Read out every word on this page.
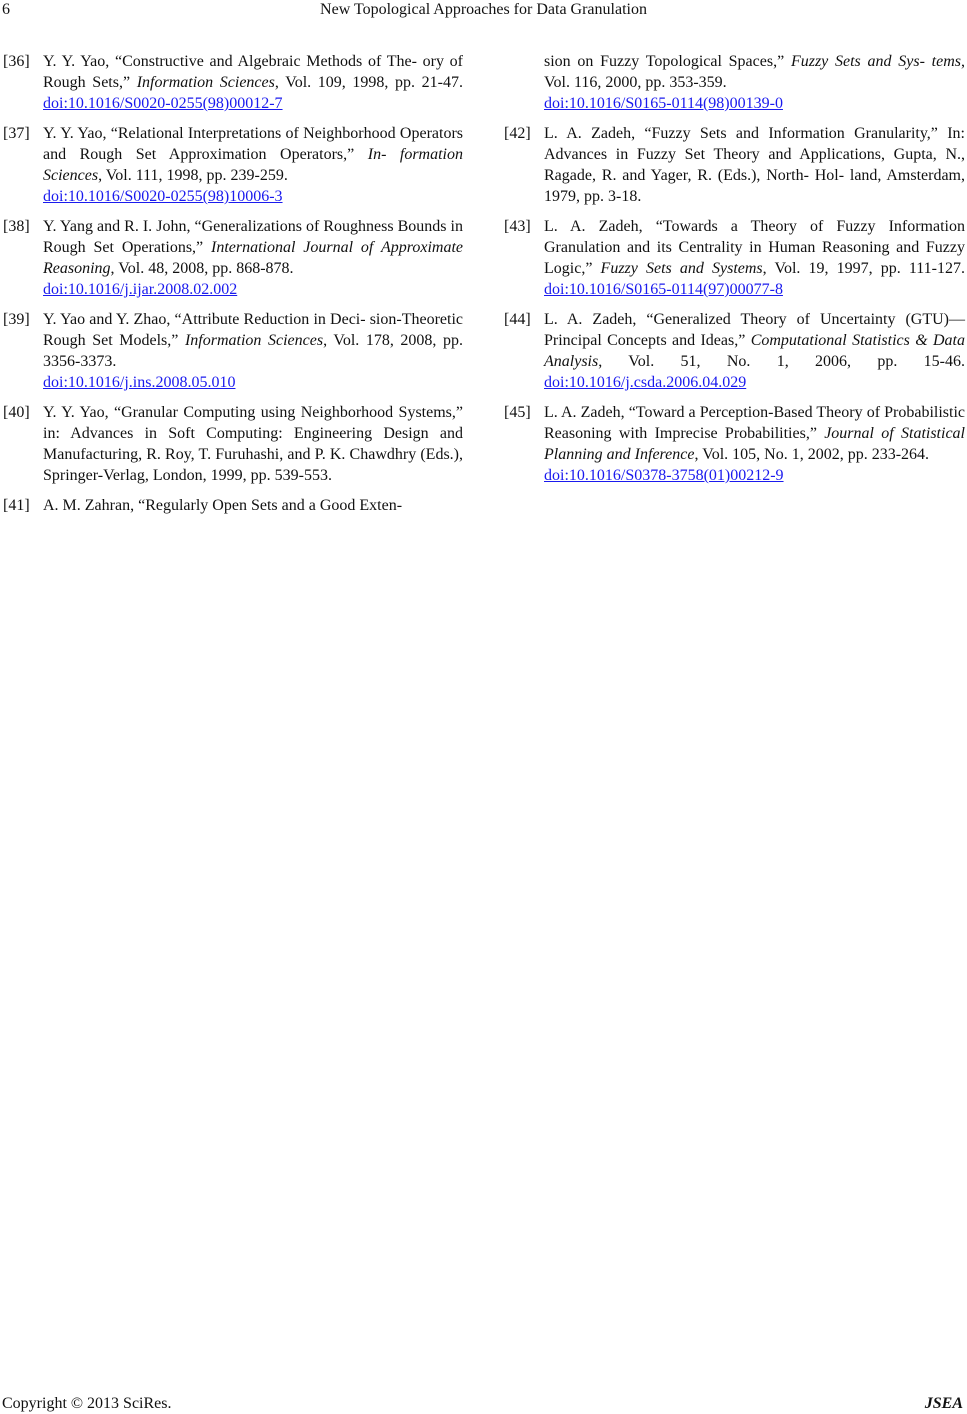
6	New Topological Approaches for Data Granulation
[36] Y. Y. Yao, “Constructive and Algebraic Methods of The- ory of Rough Sets,” Information Sciences, Vol. 109, 1998, pp. 21-47. doi:10.1016/S0020-0255(98)00012-7
[37] Y. Y. Yao, “Relational Interpretations of Neighborhood Operators and Rough Set Approximation Operators,” In- formation Sciences, Vol. 111, 1998, pp. 239-259.
doi:10.1016/S0020-0255(98)10006-3
[38] Y. Yang and R. I. John, “Generalizations of Roughness Bounds in Rough Set Operations,” International Journal of Approximate Reasoning, Vol. 48, 2008, pp. 868-878.
doi:10.1016/j.ijar.2008.02.002
[39] Y. Yao and Y. Zhao, “Attribute Reduction in Deci- sion-Theoretic Rough Set Models,” Information Sciences, Vol. 178, 2008, pp. 3356-3373.
doi:10.1016/j.ins.2008.05.010
[40] Y. Y. Yao, “Granular Computing using Neighborhood Systems,” in: Advances in Soft Computing: Engineering Design and Manufacturing, R. Roy, T. Furuhashi, and P. K. Chawdhry (Eds.), Springer-Verlag, London, 1999, pp. 539-553.
[41] A. M. Zahran, “Regularly Open Sets and a Good Exten-
sion on Fuzzy Topological Spaces,” Fuzzy Sets and Sys- tems, Vol. 116, 2000, pp. 353-359.
doi:10.1016/S0165-0114(98)00139-0
[42] L. A. Zadeh, “Fuzzy Sets and Information Granularity,” In: Advances in Fuzzy Set Theory and Applications, Gupta, N., Ragade, R. and Yager, R. (Eds.), North- Hol- land, Amsterdam, 1979, pp. 3-18.
[43] L. A. Zadeh, “Towards a Theory of Fuzzy Information Granulation and its Centrality in Human Reasoning and Fuzzy Logic,” Fuzzy Sets and Systems, Vol. 19, 1997, pp. 111-127. doi:10.1016/S0165-0114(97)00077-8
[44] L. A. Zadeh, “Generalized Theory of Uncertainty (GTU)— Principal Concepts and Ideas,” Computational Statistics & Data Analysis, Vol. 51, No. 1, 2006, pp. 15-46. doi:10.1016/j.csda.2006.04.029
[45] L. A. Zadeh, “Toward a Perception-Based Theory of Probabilistic Reasoning with Imprecise Probabilities,” Journal of Statistical Planning and Inference, Vol. 105, No. 1, 2002, pp. 233-264.
doi:10.1016/S0378-3758(01)00212-9
Copyright © 2013 SciRes.	JSEA
